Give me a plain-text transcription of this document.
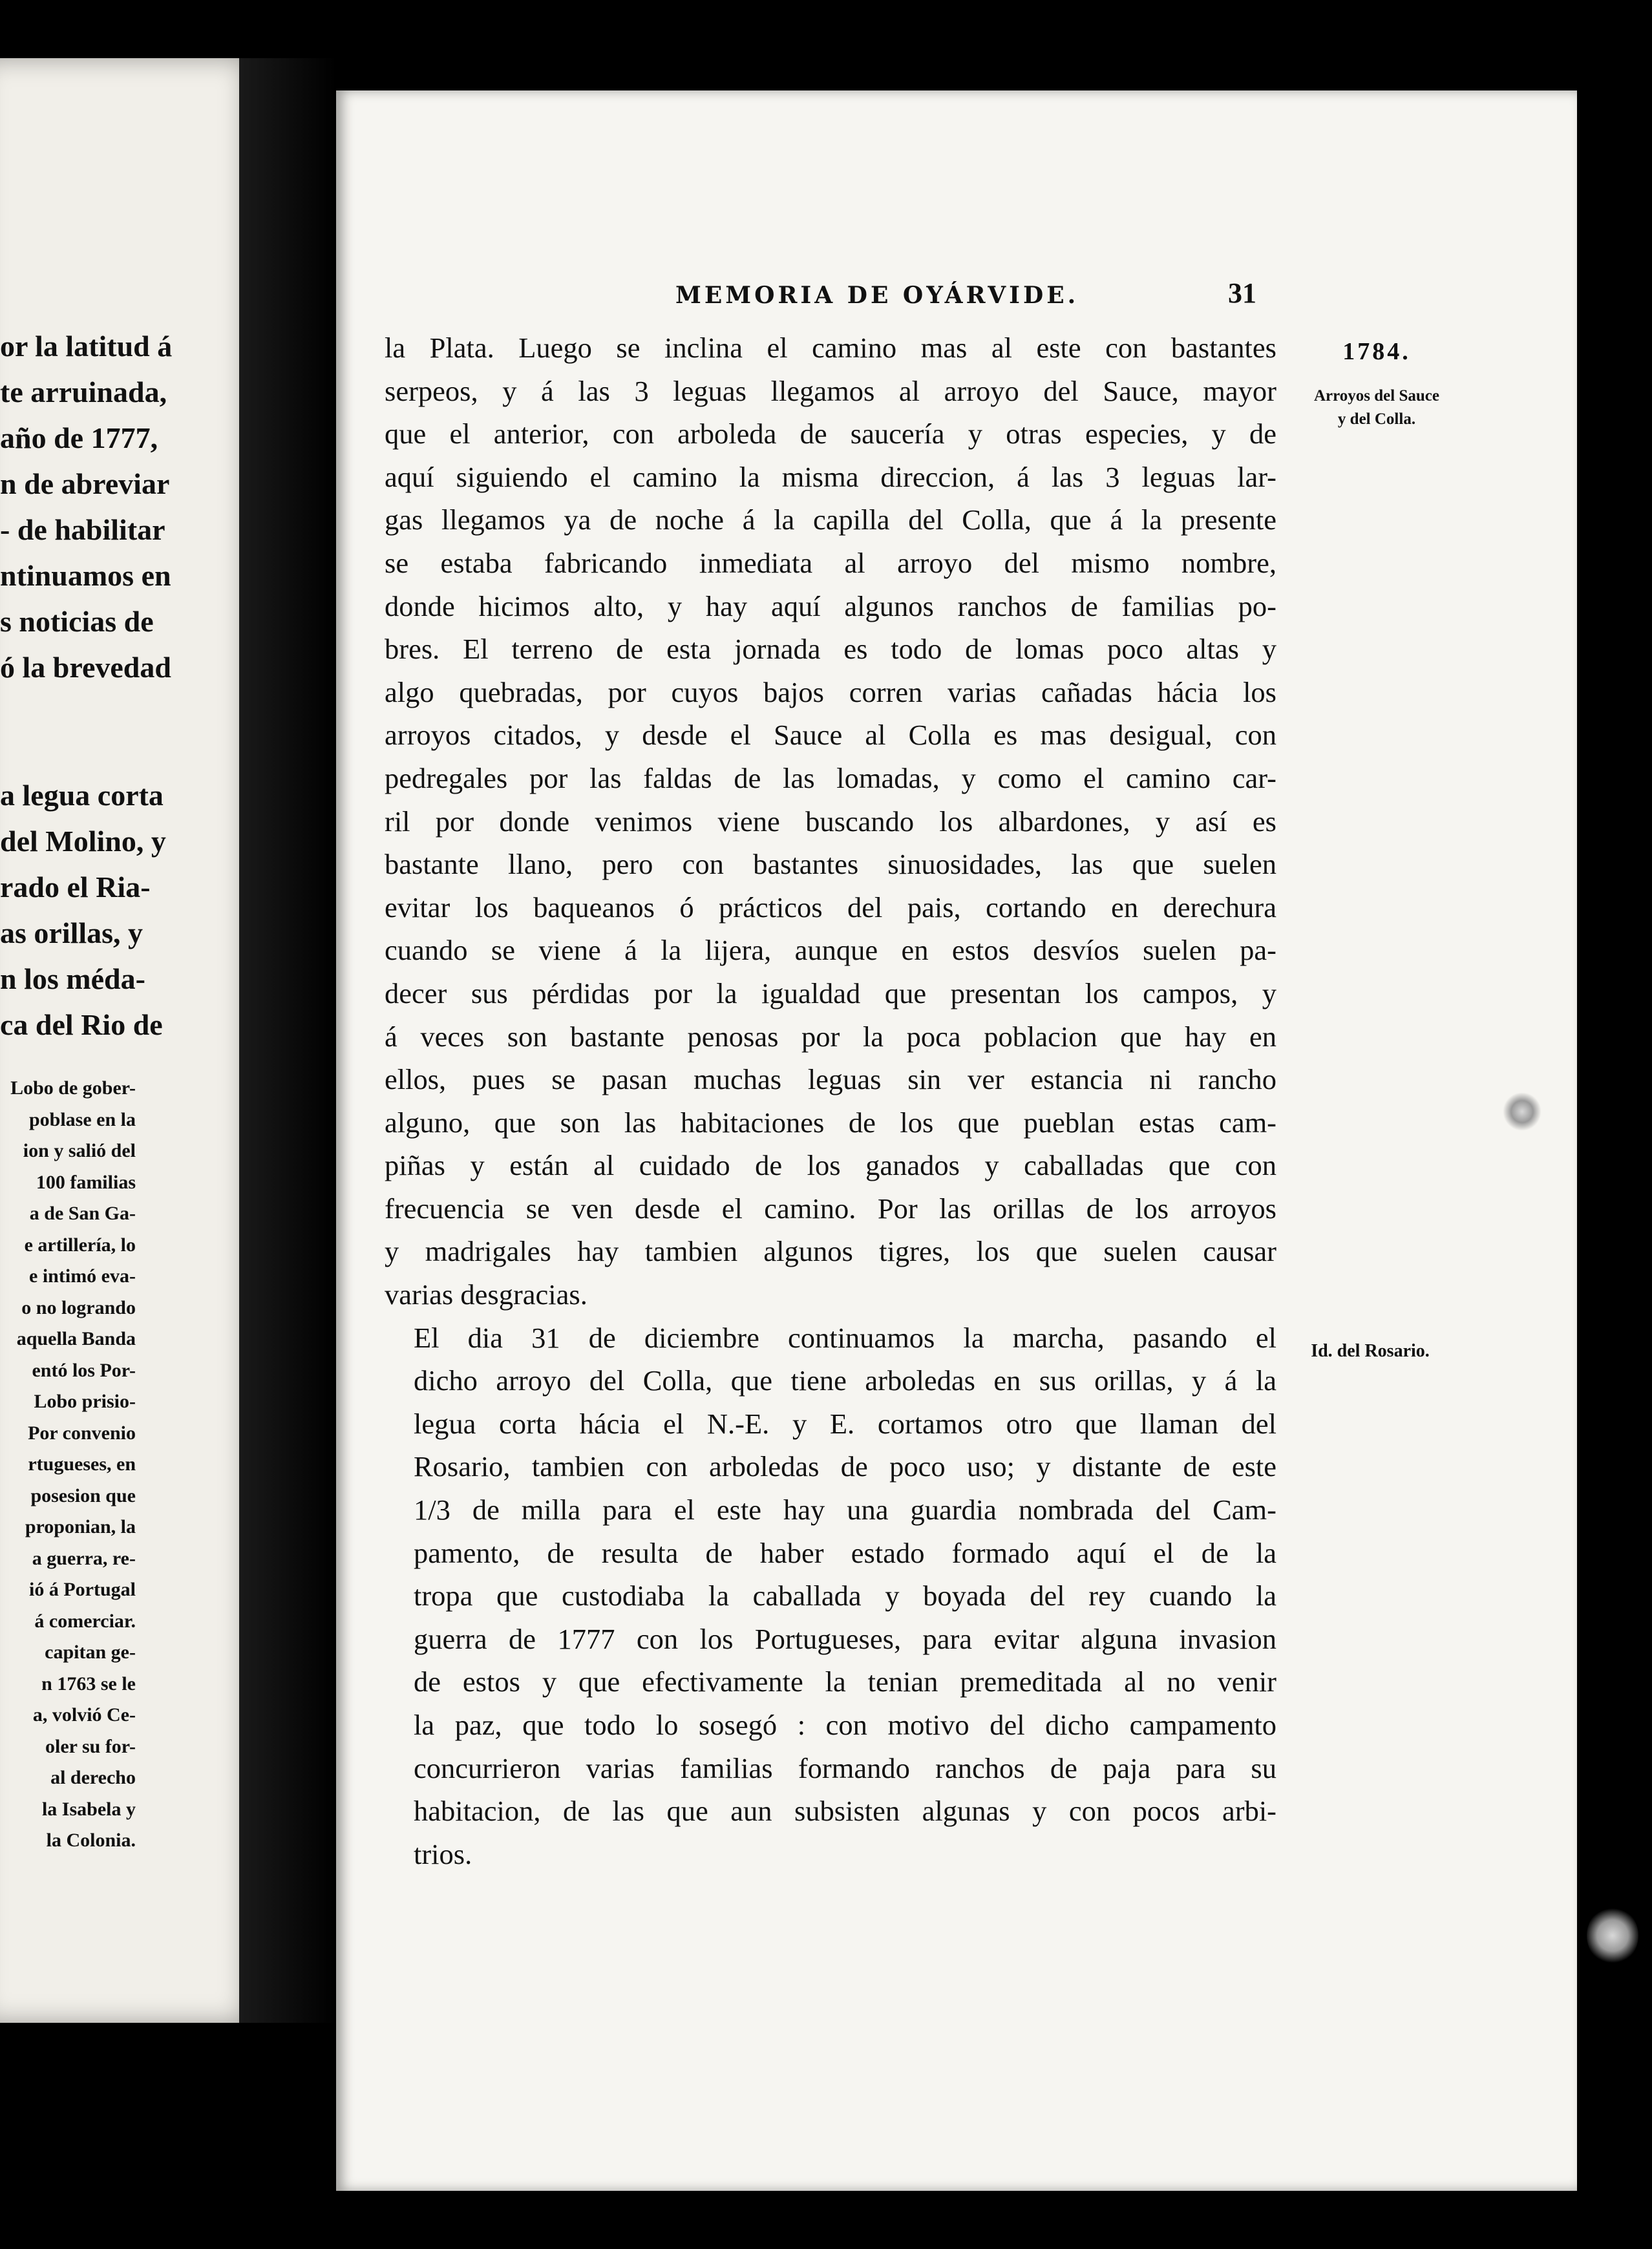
or la latitud á
te arruinada,
año de 1777,
n de abreviar
- de habilitar
ntinuamos en
s noticias de
ó la brevedad
a legua corta
del Molino, y
rado el Ria-
as orillas, y
n los méda-
ca del Rio de
Lobo de gober-
poblase en la
ion y salió del
100 familias
a de San Ga-
e artillería, lo
e intimó eva-
o no logrando
aquella Banda
entó los Por-
Lobo prisio-
Por convenio
rtugueses, en
posesion que
proponian, la
a guerra, re-
ió á Portugal
á comerciar.
capitan ge-
n 1763 se le
a, volvió Ce-
oler su for-
al derecho
la Isabela y
la Colonia.
MEMORIA DE OYÁRVIDE.	31
1784.
Arroyos del Sauce
y del Colla.
Id. del Rosario.

la Plata. Luego se inclina el camino mas al este con bastantes
serpeos, y á las 3 leguas llegamos al arroyo del Sauce, mayor
que el anterior, con arboleda de saucería y otras especies, y de
aquí siguiendo el camino la misma direccion, á las 3 leguas lar-
gas llegamos ya de noche á la capilla del Colla, que á la presente
se estaba fabricando inmediata al arroyo del mismo nombre,
donde hicimos alto, y hay aquí algunos ranchos de familias po-
bres. El terreno de esta jornada es todo de lomas poco altas y
algo quebradas, por cuyos bajos corren varias cañadas hácia los
arroyos citados, y desde el Sauce al Colla es mas desigual, con
pedregales por las faldas de las lomadas, y como el camino car-
ril por donde venimos viene buscando los albardones, y así es
bastante llano, pero con bastantes sinuosidades, las que suelen
evitar los baqueanos ó prácticos del pais, cortando en derechura
cuando se viene á la lijera, aunque en estos desvíos suelen pa-
decer sus pérdidas por la igualdad que presentan los campos, y
á veces son bastante penosas por la poca poblacion que hay en
ellos, pues se pasan muchas leguas sin ver estancia ni rancho
alguno, que son las habitaciones de los que pueblan estas cam-
piñas y están al cuidado de los ganados y caballadas que con
frecuencia se ven desde el camino. Por las orillas de los arroyos
y madrigales hay tambien algunos tigres, los que suelen causar
varias desgracias.

El dia 31 de diciembre continuamos la marcha, pasando el
dicho arroyo del Colla, que tiene arboledas en sus orillas, y á la
legua corta hácia el N.-E. y E. cortamos otro que llaman del
Rosario, tambien con arboledas de poco uso; y distante de este
1/3 de milla para el este hay una guardia nombrada del Cam-
pamento, de resulta de haber estado formado aquí el de la
tropa que custodiaba la caballada y boyada del rey cuando la
guerra de 1777 con los Portugueses, para evitar alguna invasion
de estos y que efectivamente la tenian premeditada al no venir
la paz, que todo lo sosegó : con motivo del dicho campamento
concurrieron varias familias formando ranchos de paja para su
habitacion, de las que aun subsisten algunas y con pocos arbi-
trios.
